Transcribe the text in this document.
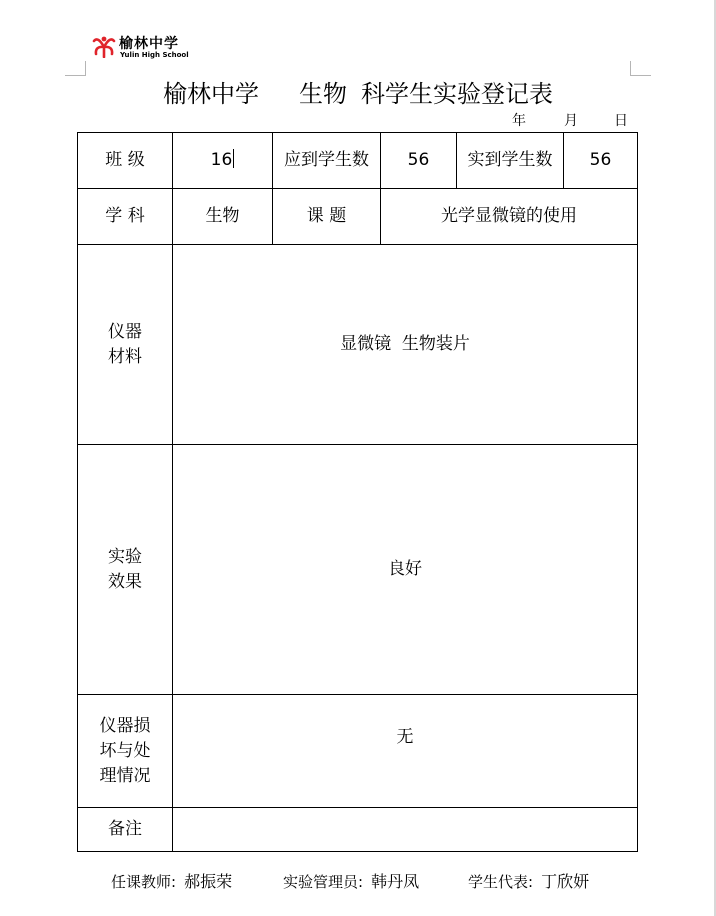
榆林中学
Yulin High School
榆林中学 生物 科学生实验登记表
年	月	日
班 级	16	应到学生数	56	实到学生数	56
学 科	生物	课 题	光学显微镜的使用		

仪器
材料	显微镜  生物装片				

实验
效果	良好				

仪器损
坏与处
理情况	无				
备注					
任课教师: 郝振荣	实验管理员: 韩丹凤	学生代表: 丁欣妍
